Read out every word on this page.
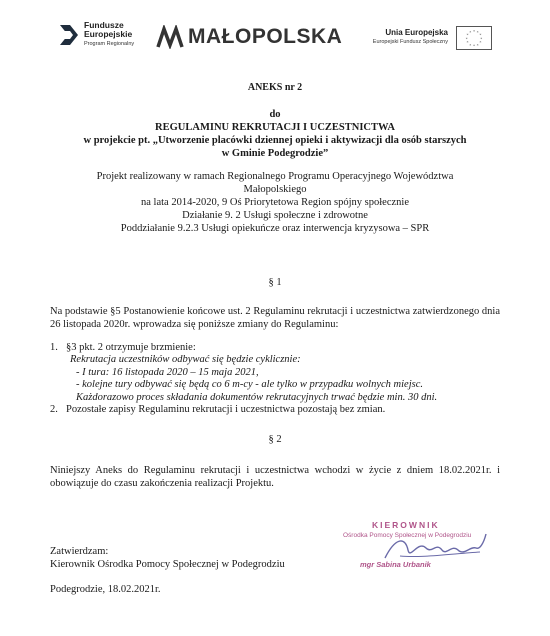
Fundusze
Europejskie
Program Regionalny	MAŁOPOLSKA	Unia Europejska
Europejski Fundusz Społeczny
* *
*
*
*
*
*
*
*
*
*
*
ANEKS nr 2
do
REGULAMINU REKRUTACJI I UCZESTNICTWA
w projekcie pt. „Utworzenie placówki dziennej opieki i aktywizacji dla osób starszych
w Gminie Podegrodzie”
Projekt realizowany w ramach Regionalnego Programu Operacyjnego Województwa
Małopolskiego
na lata 2014-2020, 9 Oś Priorytetowa Region spójny społecznie
Działanie 9. 2 Usługi społeczne i zdrowotne
Poddziałanie 9.2.3 Usługi opiekuńcze oraz interwencja kryzysowa – SPR
§ 1
Na podstawie §5 Postanowienie końcowe ust. 2 Regulaminu rekrutacji i uczestnictwa zatwierdzonego dnia 26 listopada 2020r. wprowadza się poniższe zmiany do Regulaminu:
1. §3 pkt. 2 otrzymuje brzmienie:
Rekrutacja uczestników odbywać się będzie cyklicznie:
- I tura: 16 listopada 2020 – 15 maja 2021,
- kolejne tury odbywać się będą co 6 m-cy - ale tylko w przypadku wolnych miejsc.
Każdorazowo proces składania dokumentów rekrutacyjnych trwać będzie min. 30 dni.
2. Pozostałe zapisy Regulaminu rekrutacji i uczestnictwa pozostają bez zmian.
§ 2
Niniejszy Aneks do Regulaminu rekrutacji i uczestnictwa wchodzi w życie z dniem 18.02.2021r. i obowiązuje do czasu zakończenia realizacji Projektu.
Zatwierdzam:
Kierownik Ośrodka Pomocy Społecznej w Podegrodziu
Podegrodzie, 18.02.2021r.
KIEROWNIK
Ośrodka Pomocy Społecznej w Podegrodziu
mgr Sabina Urbanik
